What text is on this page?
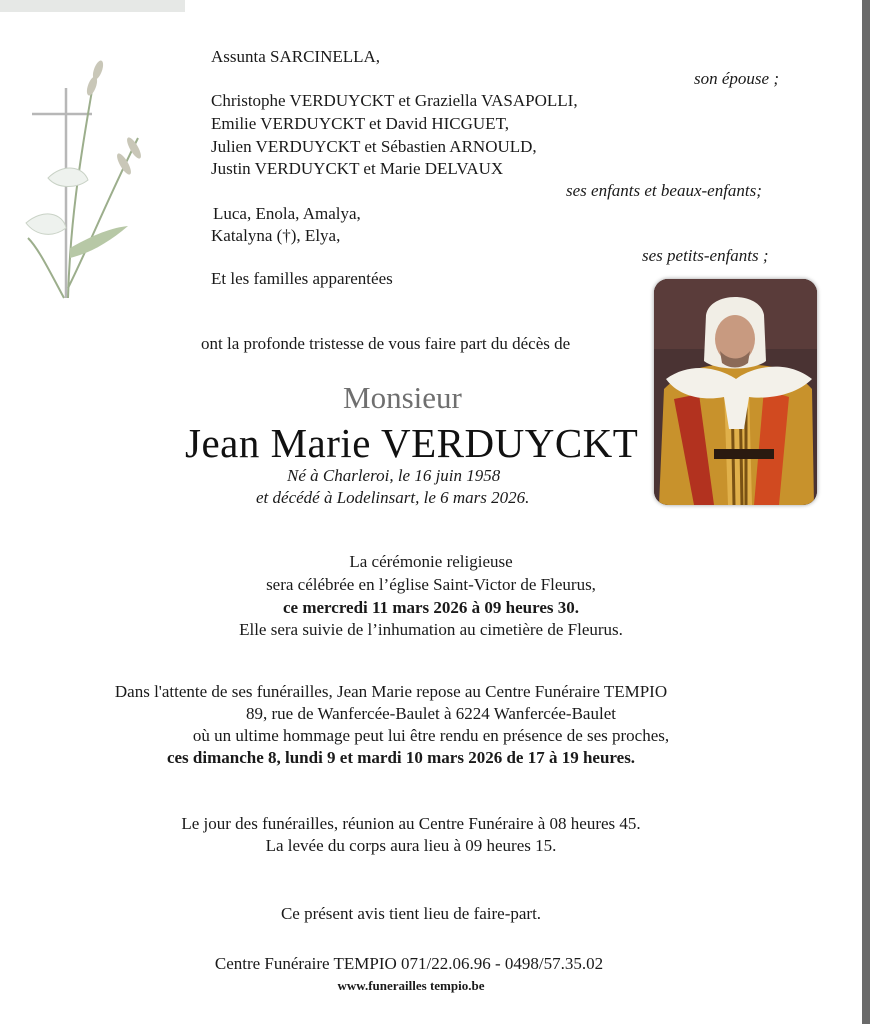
Assunta SARCINELLA,
son épouse ;
Christophe VERDUYCKT et Graziella VASAPOLLI,
Emilie VERDUYCKT et David HICGUET,
Julien VERDUYCKT et Sébastien ARNOULD,
Justin VERDUYCKT et Marie DELVAUX
ses enfants et beaux-enfants;
Luca, Enola, Amalya,
Katalyna (†), Elya,
ses petits-enfants ;
Et les familles apparentées
ont la profonde tristesse de vous faire part du décès de
Monsieur
Jean Marie VERDUYCKT
Né à Charleroi, le 16 juin 1958
et décédé à Lodelinsart, le 6 mars 2026.
La cérémonie religieuse
sera célébrée en l’église Saint-Victor de Fleurus,
ce mercredi 11 mars 2026 à 09 heures 30.
Elle sera suivie de l’inhumation au cimetière de Fleurus.
Dans l'attente de ses funérailles, Jean Marie repose au Centre Funéraire TEMPIO
89, rue de Wanfercée-Baulet à 6224 Wanfercée-Baulet
où un ultime hommage peut lui être rendu en présence de ses proches,
ces dimanche 8, lundi 9 et mardi 10 mars 2026 de 17 à 19 heures.
Le jour des funérailles, réunion au Centre Funéraire à 08 heures 45.
La levée du corps aura lieu à 09 heures 15.
Ce présent avis tient lieu de faire-part.
Centre Funéraire TEMPIO 071/22.06.96 - 0498/57.35.02
www.funerailles tempio.be
